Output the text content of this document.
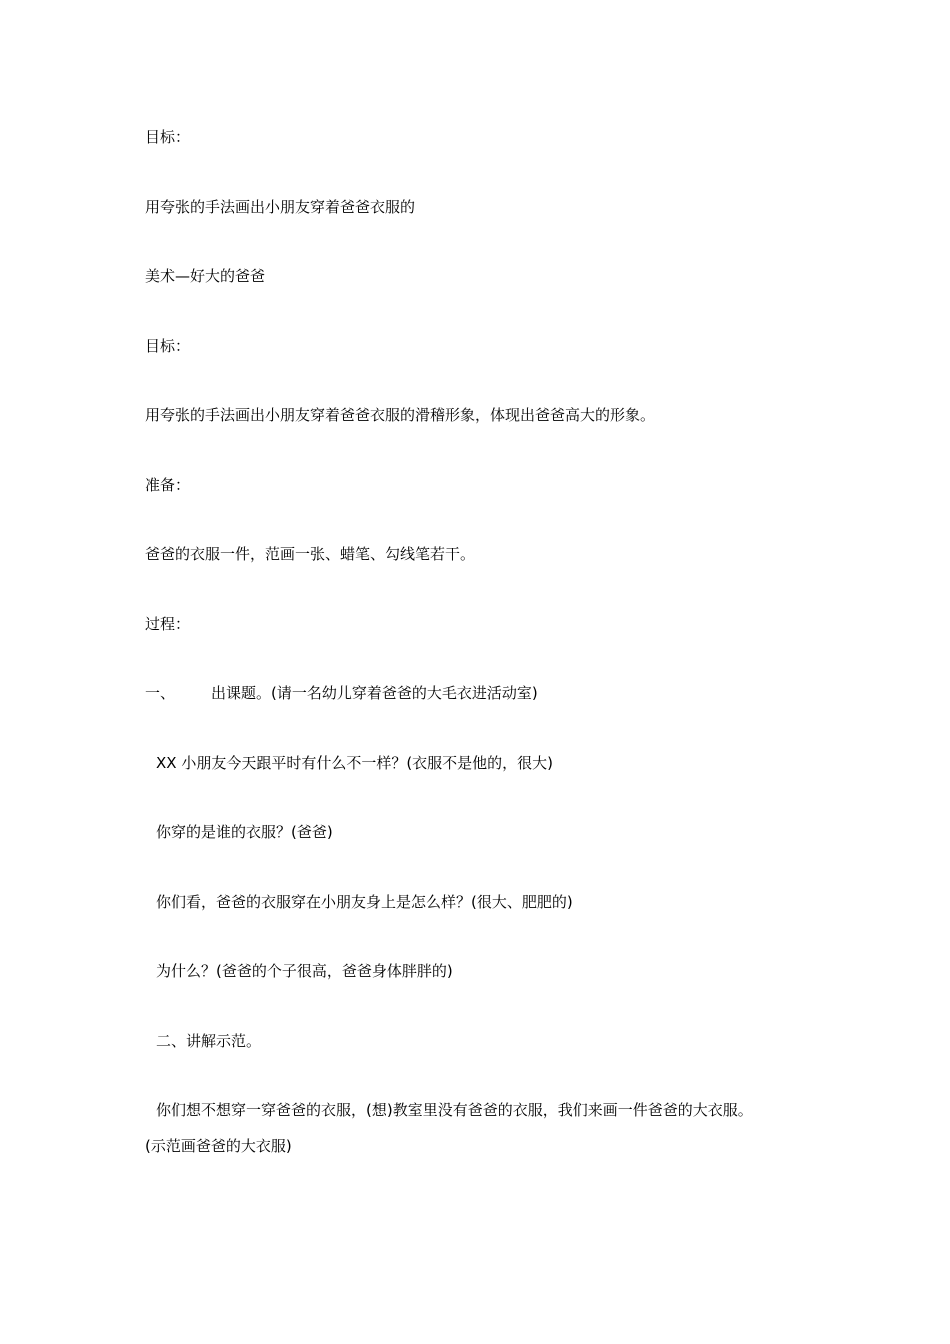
目标：
用夸张的手法画出小朋友穿着爸爸衣服的
美术—好大的爸爸
目标：
用夸张的手法画出小朋友穿着爸爸衣服的滑稽形象，体现出爸爸高大的形象。
准备：
爸爸的衣服一件，范画一张、蜡笔、勾线笔若干。
过程：
一、 出课题。(请一名幼儿穿着爸爸的大毛衣进活动室)
XX 小朋友今天跟平时有什么不一样？(衣服不是他的，很大)
你穿的是谁的衣服？(爸爸)
你们看，爸爸的衣服穿在小朋友身上是怎么样？(很大、肥肥的)
为什么？(爸爸的个子很高，爸爸身体胖胖的)
二、讲解示范。
你们想不想穿一穿爸爸的衣服，(想)教室里没有爸爸的衣服，我们来画一件爸爸的大衣服。
(示范画爸爸的大衣服)
